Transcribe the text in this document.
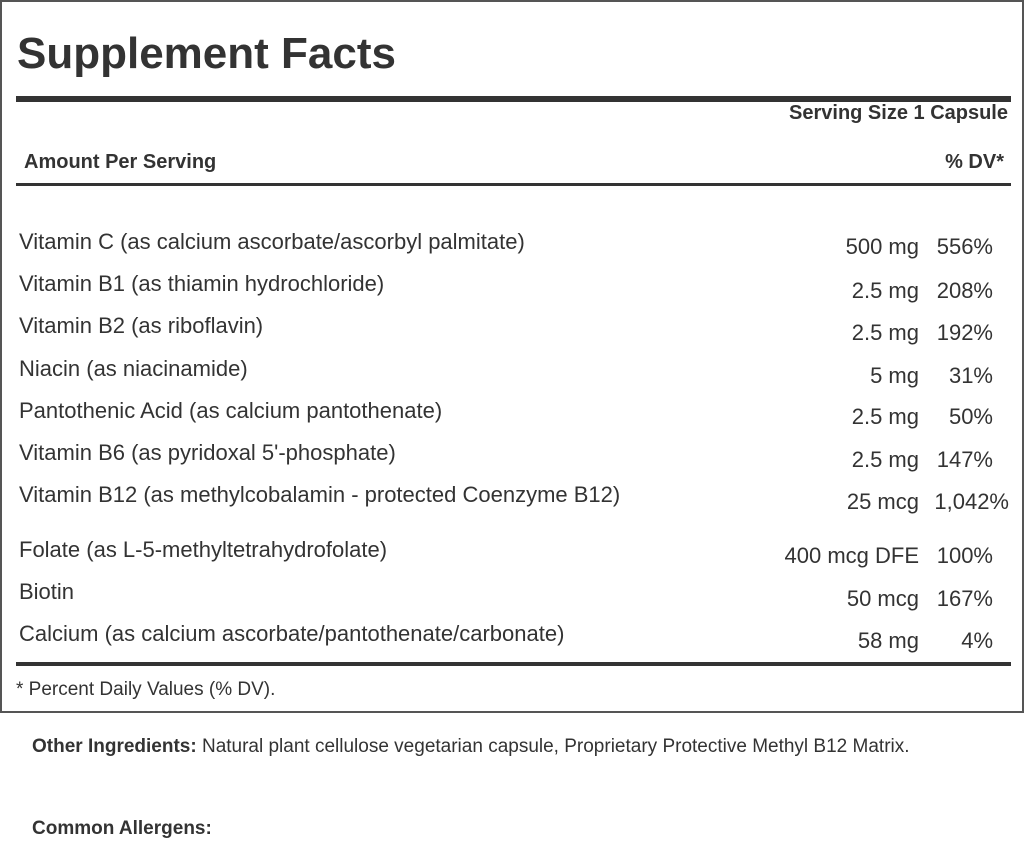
Supplement Facts
Serving Size 1 Capsule
Amount Per Serving	% DV*
Vitamin C (as calcium ascorbate/ascorbyl palmitate)	500 mg 556%
Vitamin B1 (as thiamin hydrochloride)	2.5 mg 208%
Vitamin B2 (as riboflavin)	2.5 mg 192%
Niacin (as niacinamide)	5 mg 31%
Pantothenic Acid (as calcium pantothenate)	2.5 mg 50%
Vitamin B6 (as pyridoxal 5'-phosphate)	2.5 mg 147%
Vitamin B12 (as methylcobalamin - protected Coenzyme B12)	25 mcg 1,042%
Folate (as L-5-methyltetrahydrofolate)	400 mcg DFE 100%
Biotin	50 mcg 167%
Calcium (as calcium ascorbate/pantothenate/carbonate)	58 mg 4%
* Percent Daily Values (% DV).
Other Ingredients: Natural plant cellulose vegetarian capsule, Proprietary Protective Methyl B12 Matrix.
Common Allergens:
